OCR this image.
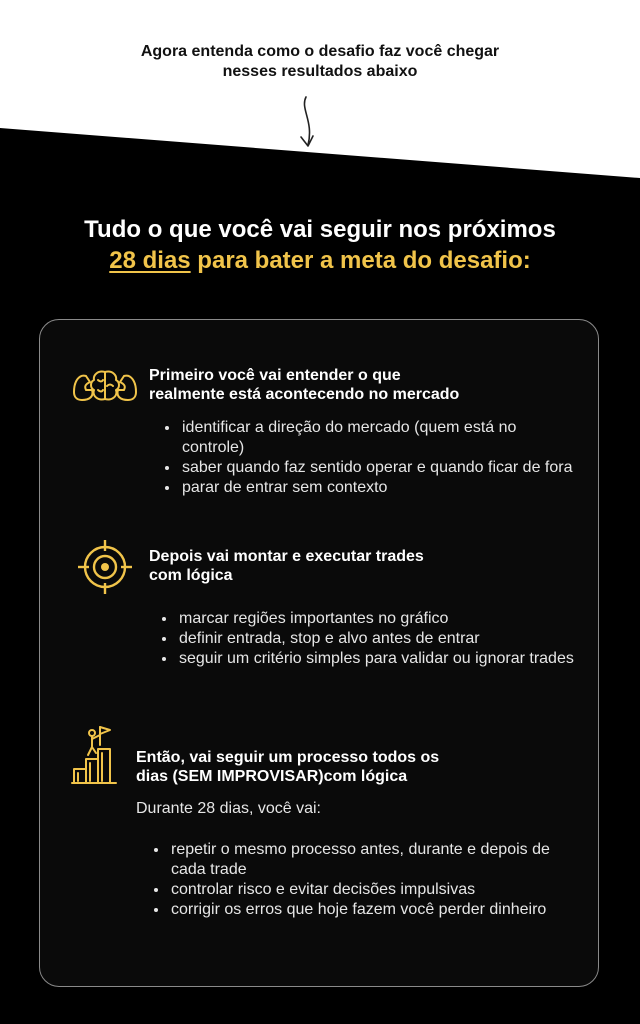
Agora entenda como o desafio faz você chegar
nesses resultados abaixo

Tudo o que você vai seguir nos próximos
28 dias para bater a meta do desafio:
Primeiro você vai entender o que
realmente está acontecendo no mercado
• identificar a direção do mercado (quem está no controle)
• saber quando faz sentido operar e quando ficar de fora
• parar de entrar sem contexto
Depois vai montar e executar trades
com lógica
• marcar regiões importantes no gráfico
• definir entrada, stop e alvo antes de entrar
• seguir um critério simples para validar ou ignorar trades
Então, vai seguir um processo todos os
dias (SEM IMPROVISAR)com lógica

Durante 28 dias, você vai:

• repetir o mesmo processo antes, durante e depois de cada trade
• controlar risco e evitar decisões impulsivas
• corrigir os erros que hoje fazem você perder dinheiro
